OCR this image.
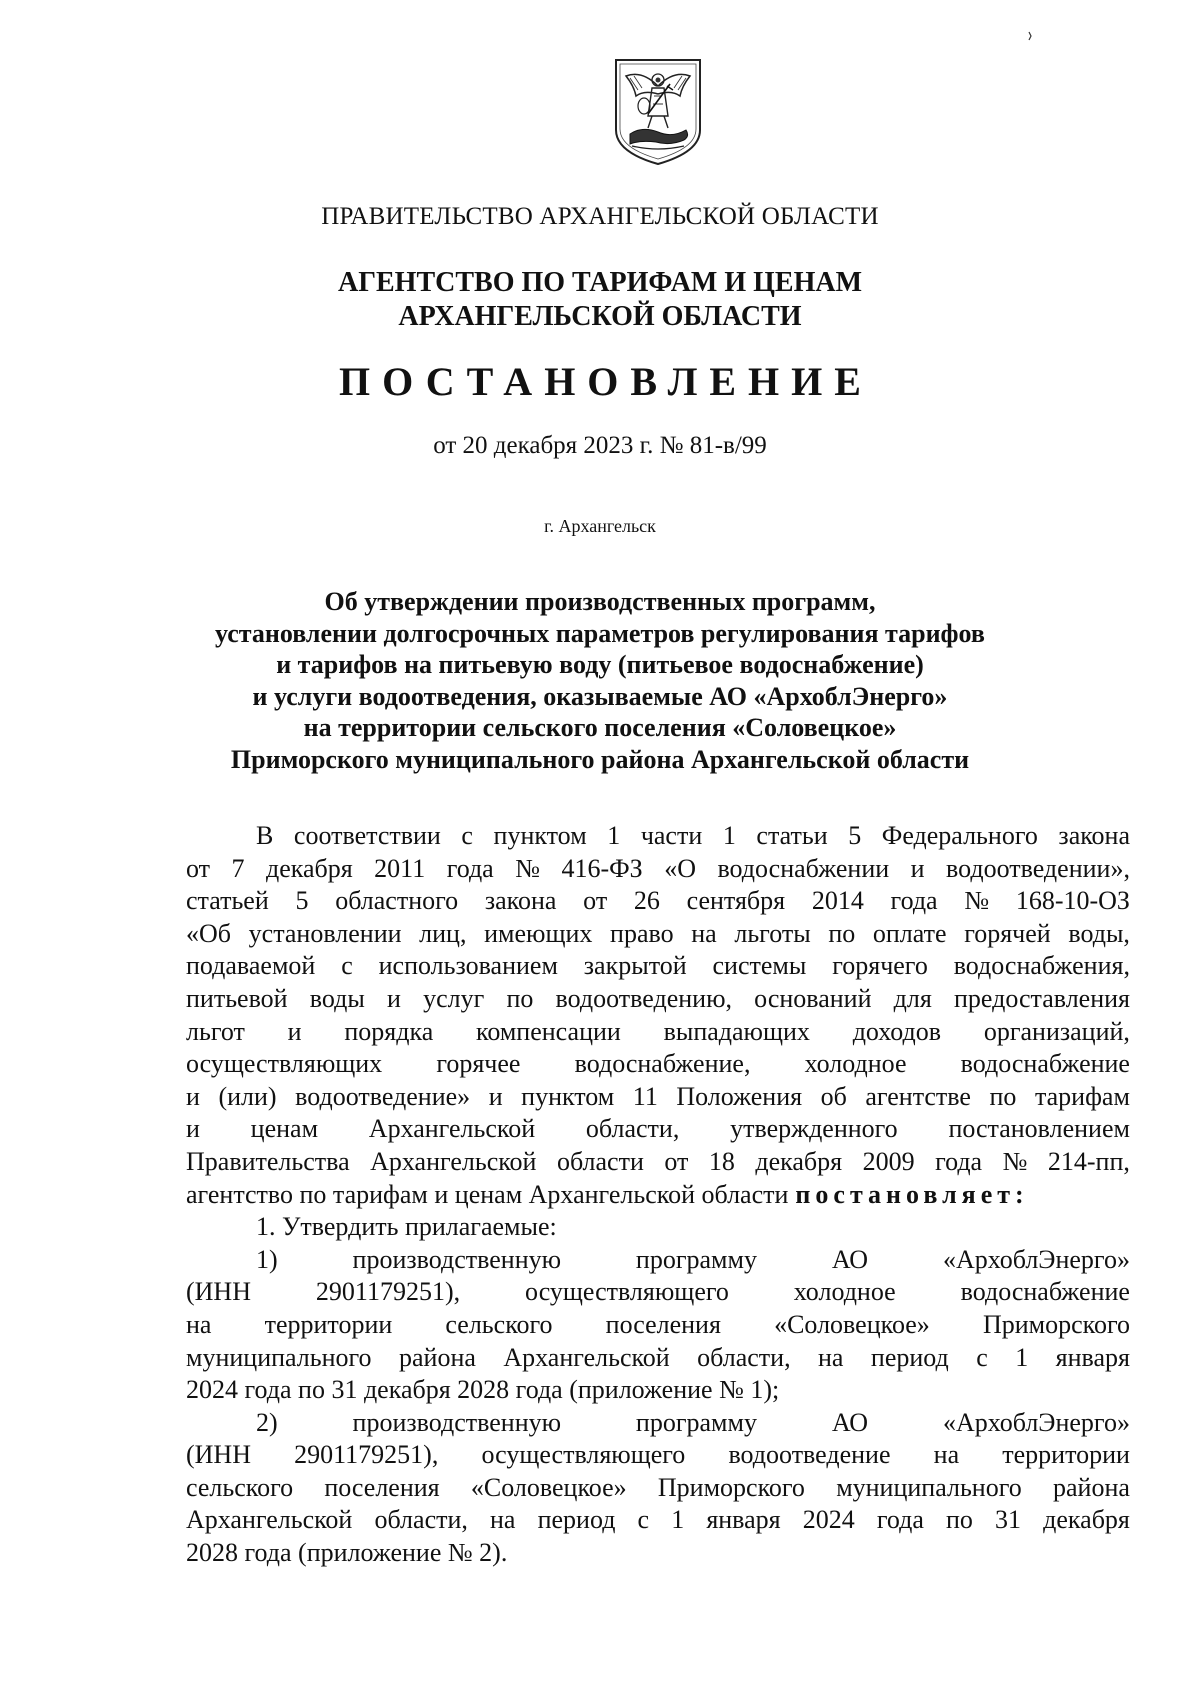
ПРАВИТЕЛЬСТВО АРХАНГЕЛЬСКОЙ ОБЛАСТИ
АГЕНТСТВО ПО ТАРИФАМ И ЦЕНАМ
АРХАНГЕЛЬСКОЙ ОБЛАСТИ
ПОСТАНОВЛЕНИЕ
от 20 декабря 2023 г. № 81-в/99
г. Архангельск
Об утверждении производственных программ,
установлении долгосрочных параметров регулирования тарифов
и тарифов на питьевую воду (питьевое водоснабжение)
и услуги водоотведения, оказываемые АО «АрхоблЭнерго»
на территории сельского поселения «Соловецкое»
Приморского муниципального района Архангельской области
В соответствии с пунктом 1 части 1 статьи 5 Федерального закона
от 7 декабря 2011 года № 416-ФЗ «О водоснабжении и водоотведении»,
статьей 5 областного закона от 26 сентября 2014 года № 168-10-ОЗ
«Об установлении лиц, имеющих право на льготы по оплате горячей воды,
подаваемой с использованием закрытой системы горячего водоснабжения,
питьевой воды и услуг по водоотведению, оснований для предоставления
льгот и порядка компенсации выпадающих доходов организаций,
осуществляющих горячее водоснабжение, холодное водоснабжение
и (или) водоотведение» и пунктом 11 Положения об агентстве по тарифам
и ценам Архангельской области, утвержденного постановлением
Правительства Архангельской области от 18 декабря 2009 года № 214-пп,
агентство по тарифам и ценам Архангельской области постановляет:
1. Утвердить прилагаемые:
1)	производственную	программу	АО	«АрхоблЭнерго»
(ИНН 2901179251), осуществляющего холодное водоснабжение
на территории сельского поселения «Соловецкое» Приморского
муниципального района Архангельской области, на период с 1 января
2024 года по 31 декабря 2028 года (приложение № 1);
2)	производственную	программу	АО	«АрхоблЭнерго»
(ИНН 2901179251), осуществляющего водоотведение на территории
сельского поселения «Соловецкое» Приморского муниципального района
Архангельской области, на период с 1 января 2024 года по 31 декабря
2028 года (приложение № 2).
